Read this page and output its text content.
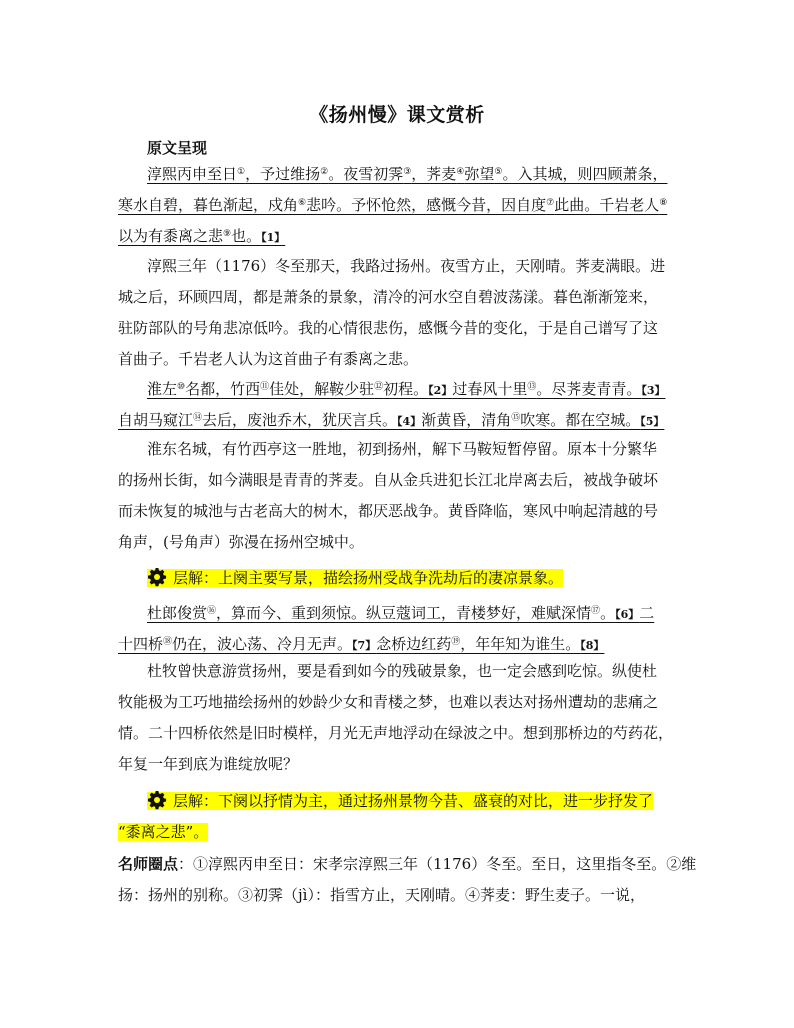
《扬州慢》课文赏析
原文呈现
淳熙丙申至日①，予过维扬②。夜雪初霁③，荠麦④弥望⑤。入其城，则四顾萧条，
寒水自碧，暮色渐起，戍角⑥悲吟。予怀怆然，感慨今昔，因自度⑦此曲。千岩老人⑧
以为有黍离之悲⑨也。【1】
淳熙三年（1176）冬至那天，我路过扬州。夜雪方止，天刚晴。荠麦满眼。进
城之后，环顾四周，都是萧条的景象，清冷的河水空自碧波荡漾。暮色渐渐笼来，
驻防部队的号角悲凉低吟。我的心情很悲伤，感慨今昔的变化，于是自己谱写了这
首曲子。千岩老人认为这首曲子有黍离之悲。
淮左⑩名都，竹西⑪佳处，解鞍少驻⑫初程。【2】过春风十里⑬。尽荠麦青青。【3】
自胡马窥江⑭去后，废池乔木，犹厌言兵。【4】渐黄昏，清角⑮吹寒。都在空城。【5】
淮东名城，有竹西亭这一胜地，初到扬州，解下马鞍短暂停留。原本十分繁华
的扬州长街，如今满眼是青青的荠麦。自从金兵进犯长江北岸离去后，被战争破坏
而未恢复的城池与古老高大的树木，都厌恶战争。黄昏降临，寒风中响起清越的号
角声，(号角声）弥漫在扬州空城中。
层解：上阕主要写景，描绘扬州受战争洗劫后的凄凉景象。
杜郎俊赏⑯，算而今、重到须惊。纵豆蔻词工，青楼梦好，难赋深情⑰。【6】二
十四桥⑱仍在，波心荡、冷月无声。【7】念桥边红药⑲，年年知为谁生。【8】
杜牧曾快意游赏扬州，要是看到如今的残破景象，也一定会感到吃惊。纵使杜
牧能极为工巧地描绘扬州的妙龄少女和青楼之梦，也难以表达对扬州遭劫的悲痛之
情。二十四桥依然是旧时模样，月光无声地浮动在绿波之中。想到那桥边的芍药花，
年复一年到底为谁绽放呢？
层解：下阕以抒情为主，通过扬州景物今昔、盛衰的对比，进一步抒发了
“黍离之悲”。
名师圈点：①淳熙丙申至日：宋孝宗淳熙三年（1176）冬至。至日，这里指冬至。②维
扬：扬州的别称。③初霁（jì）：指雪方止，天刚晴。④荠麦：野生麦子。一说，
